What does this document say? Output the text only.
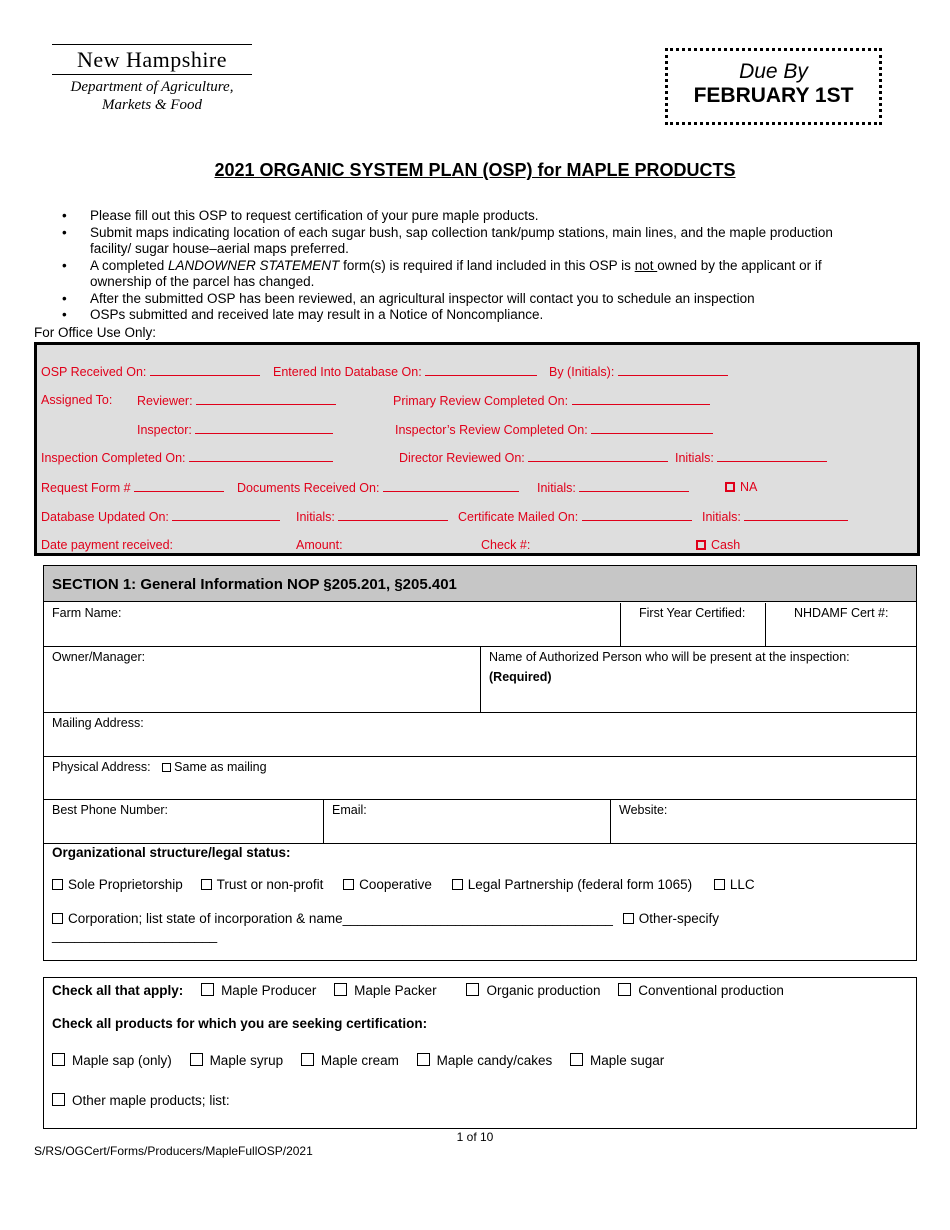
New Hampshire
Department of Agriculture,
Markets & Food
Due By
FEBRUARY 1ST
2021 ORGANIC SYSTEM PLAN (OSP) for MAPLE PRODUCTS
• Please fill out this OSP to request certification of your pure maple products.
• Submit maps indicating location of each sugar bush, sap collection tank/pump stations, main lines, and the maple production facility/ sugar house–aerial maps preferred.
• A completed LANDOWNER STATEMENT form(s) is required if land included in this OSP is not owned by the applicant or if ownership of the parcel has changed.
• After the submitted OSP has been reviewed, an agricultural inspector will contact you to schedule an inspection
• OSPs submitted and received late may result in a Notice of Noncompliance.
For Office Use Only:
OSP Received On:	Entered Into Database On:	By (Initials):
Assigned To: Reviewer:	Primary Review Completed On:
Inspector:	Inspector’s Review Completed On:
Inspection Completed On:	Director Reviewed On:	Initials:
Request Form #	Documents Received On:	Initials:	NA
Database Updated On:	Initials:	Certificate Mailed On:	Initials:
Date payment received:	Amount:	Check #:	Cash
SECTION 1: General Information NOP §205.201, §205.401
Farm Name:	First Year Certified:	NHDAMF Cert #:
Owner/Manager:	Name of Authorized Person who will be present at the inspection:
(Required)
Mailing Address:
Physical Address: Same as mailing
Best Phone Number:	Email:	Website:
Organizational structure/legal status:
Sole Proprietorship	Trust or non-profit	Cooperative	Legal Partnership (federal form 1065)	LLC
Corporation; list state of incorporation & name____________________________________ Other-specify
______________________
Check all that apply:	Maple Producer	Maple Packer	Organic production	Conventional production
Check all products for which you are seeking certification:
Maple sap (only)	Maple syrup	Maple cream	Maple candy/cakes	Maple sugar
Other maple products; list:
1 of 10
S/RS/OGCert/Forms/Producers/MapleFullOSP/2021
